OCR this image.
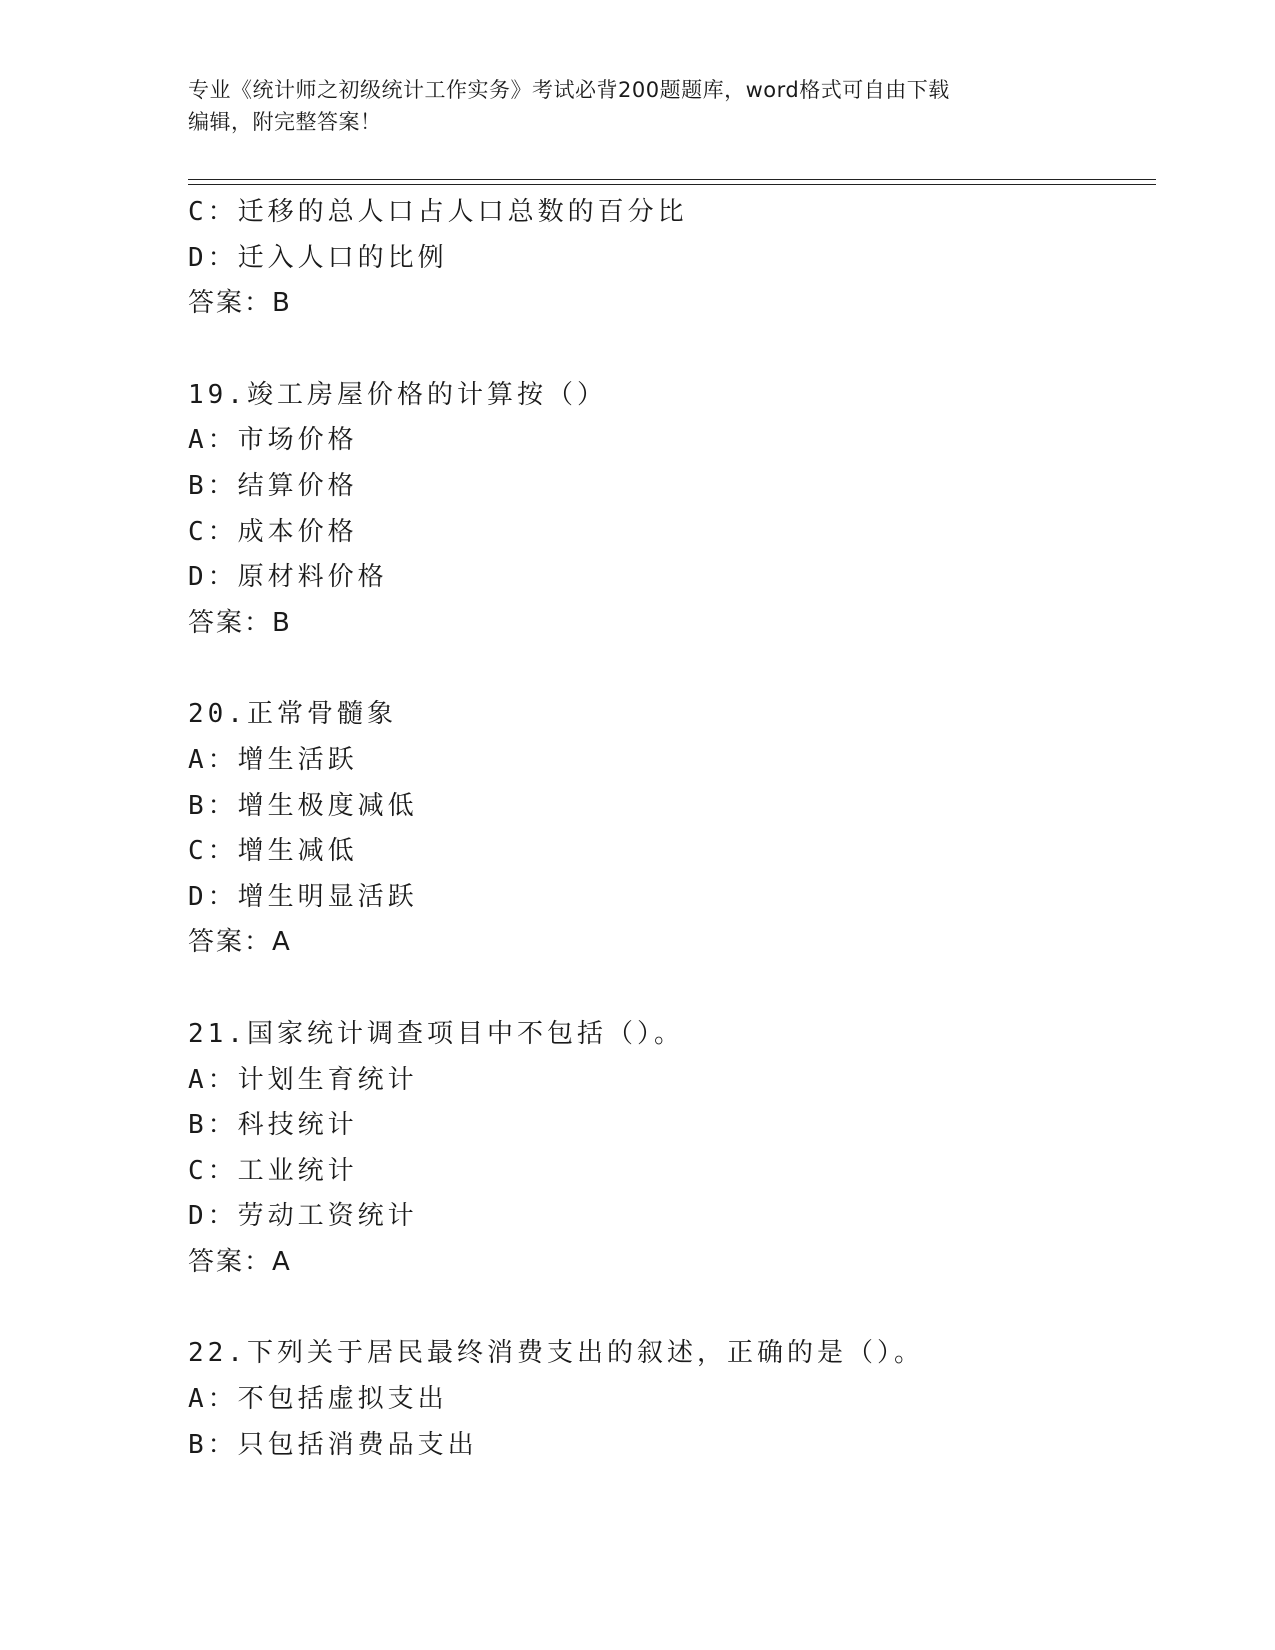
专业《统计师之初级统计工作实务》考试必背200题题库，word格式可自由下载
编辑，附完整答案！
C：迁移的总人口占人口总数的百分比
D：迁入人口的比例
答案：B
19.竣工房屋价格的计算按（）
A：市场价格
B：结算价格
C：成本价格
D：原材料价格
答案：B
20.正常骨髓象
A：增生活跃
B：增生极度减低
C：增生减低
D：增生明显活跃
答案：A
21.国家统计调查项目中不包括（）。
A：计划生育统计
B：科技统计
C：工业统计
D：劳动工资统计
答案：A
22.下列关于居民最终消费支出的叙述，正确的是（）。
A：不包括虚拟支出
B：只包括消费品支出
